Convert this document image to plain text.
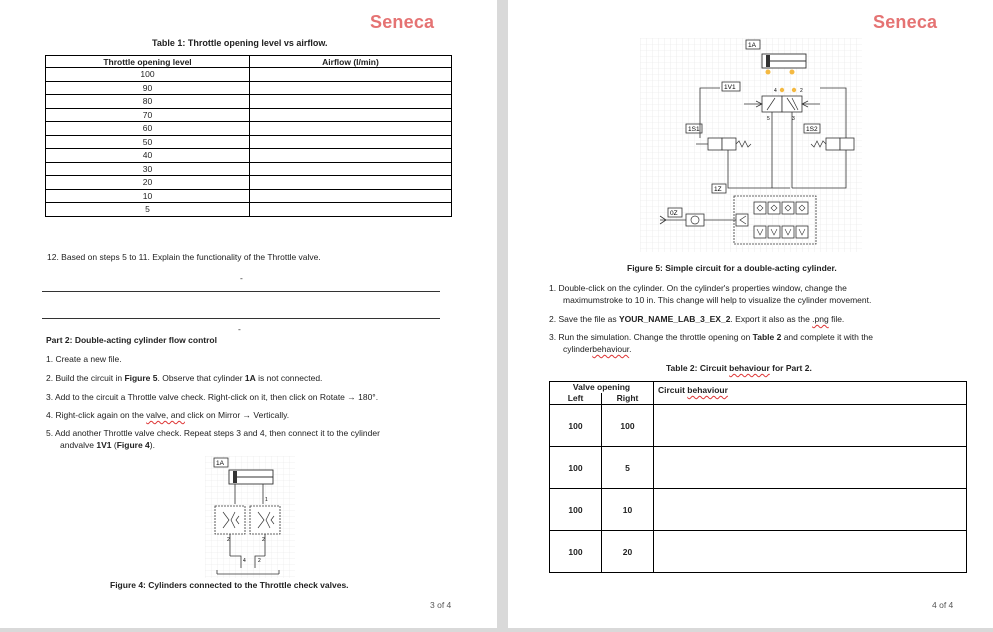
Seneca
Table 1: Throttle opening level vs airflow.
Throttle opening level	Airflow (l/min)
100	
90	
80	
70	
60	
50	
40	
30	
20	
10	
5	
12. Based on steps 5 to 11. Explain the functionality of the Throttle valve.
-
-
Part 2: Double-acting cylinder flow control
1. Create a new file.
2. Build the circuit in Figure 5. Observe that cylinder 1A is not connected.
3. Add to the circuit a Throttle valve check. Right-click on it, then click on Rotate → 180°.
4. Right-click again on the valve, and click on Mirror → Vertically.
5. Add another Throttle valve check. Repeat steps 3 and 4, then connect it to the cylinder
andvalve 1V1 (Figure 4).
1A
1
2	2
4 2
Figure 4: Cylinders connected to the Throttle check valves.
3 of 4
Seneca
1A
1V1	4	2
5	3
1S1	1S2
1Z
0Z
Figure 5: Simple circuit for a double-acting cylinder.
1. Double-click on the cylinder. On the cylinder's properties window, change the
maximumstroke to 10 in. This change will help to visualize the cylinder movement.
2. Save the file as YOUR_NAME_LAB_3_EX_2. Export it also as the .png file.
3. Run the simulation. Change the throttle opening on Table 2 and complete it with the
cylinderbehaviour.
Table 2: Circuit behaviour for Part 2.
Valve opening		Circuit behaviour
Left	Right	
100	100	
100	5	
100	10	
100	20	
4 of 4
